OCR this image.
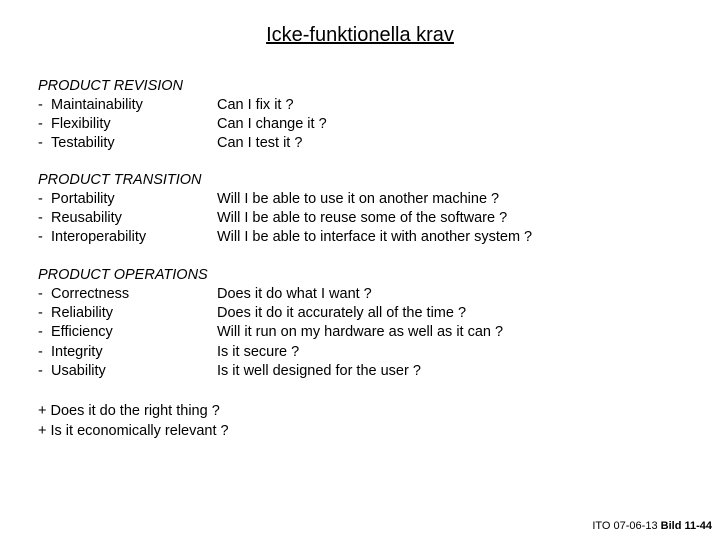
Icke-funktionella krav
PRODUCT REVISION
- Maintainability	Can I fix it ?
- Flexibility	Can I change it ?
- Testability	Can I test it ?
PRODUCT TRANSITION
- Portability	Will I be able to use it on another machine ?
- Reusability	Will I be able to reuse some of the software ?
- Interoperability	Will I be able to interface it with another system ?
PRODUCT OPERATIONS
- Correctness	Does it do what I want ?
- Reliability	Does it do it accurately all of the time ?
- Efficiency	Will it run on my hardware as well as it can ?
- Integrity	Is it secure ?
- Usability	Is it well designed for the user ?
+ Does it do the right thing ?
+ Is it economically relevant ?
ITO 07-06-13 Bild 11-44
